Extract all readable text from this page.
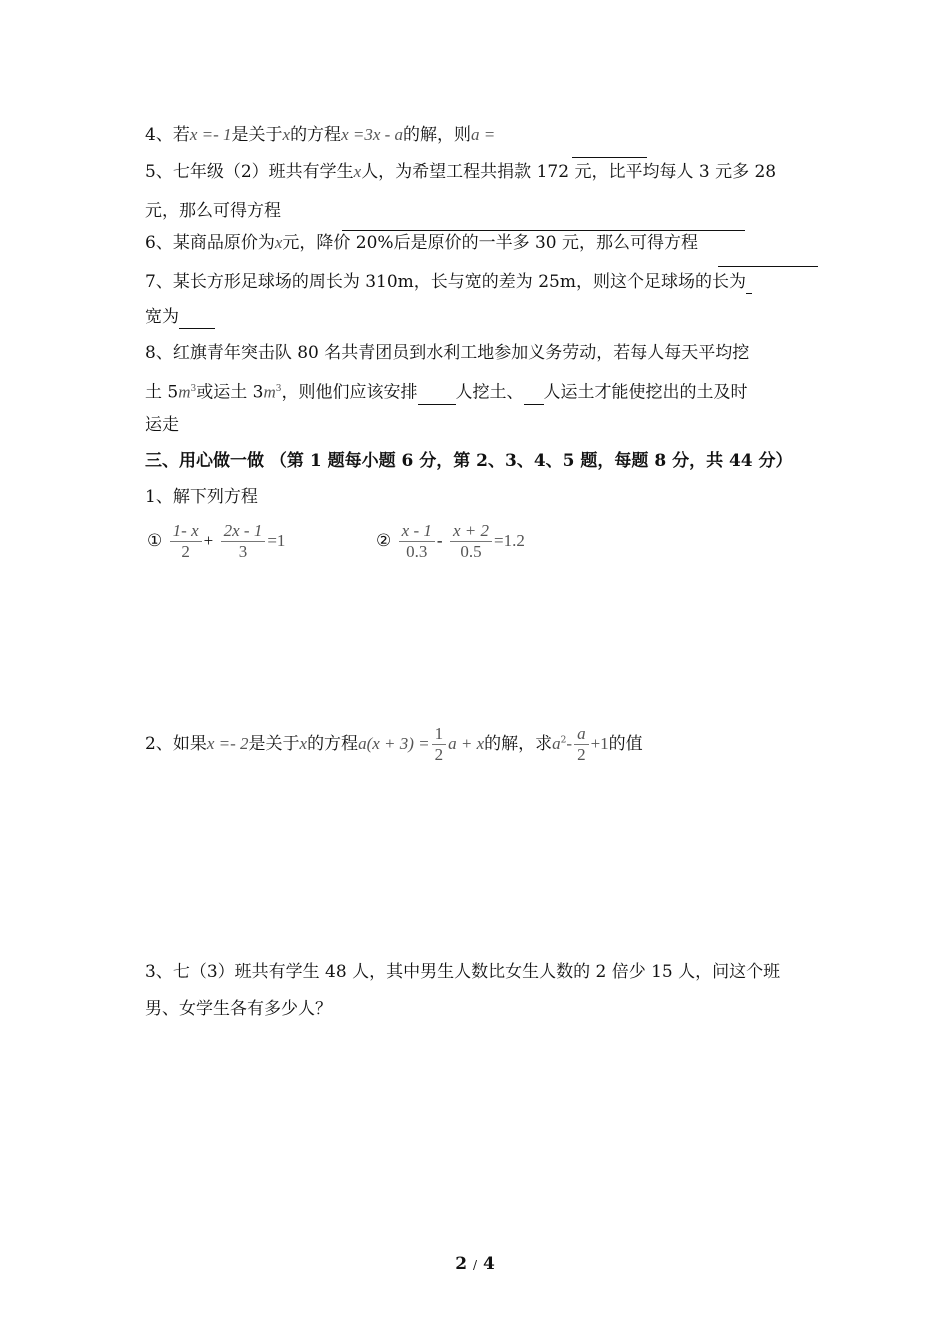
4、若x =- 1是关于x的方程x =3x - a的解，则a =
5、七年级（2）班共有学生x人，为希望工程共捐款 172 元，比平均每人 3 元多 28
元，那么可得方程
6、某商品原价为x元，降价 20%后是原价的一半多 30 元，那么可得方程
7、某长方形足球场的周长为 310m，长与宽的差为 25m，则这个足球场的长为
宽为
8、红旗青年突击队 80 名共青团员到水利工地参加义务劳动，若每人每天平均挖
土 $5m^3$或运土 $3m^3$，则他们应该安排 人挖土、 人运土才能使挖出的土及时
运走
三、用心做一做 （第 1 题每小题 6 分，第 2、3、4、5 题，每题 8 分，共 44 分）
1、解下列方程
① $\frac{1- x}{2} + \frac{2x - 1}{3} =1$	② $\frac{x - 1}{0.3} - \frac{x + 2}{0.5} =1.2$
2、如果x =- 2是关于x的方程$a(x + 3) = \frac{1}{2}$ a + x的解，求$a^2- \frac{a}{2} +1$的值
3、七（3）班共有学生 48 人，其中男生人数比女生人数的 2 倍少 15 人，问这个班
男、女学生各有多少人？
2 / 4
